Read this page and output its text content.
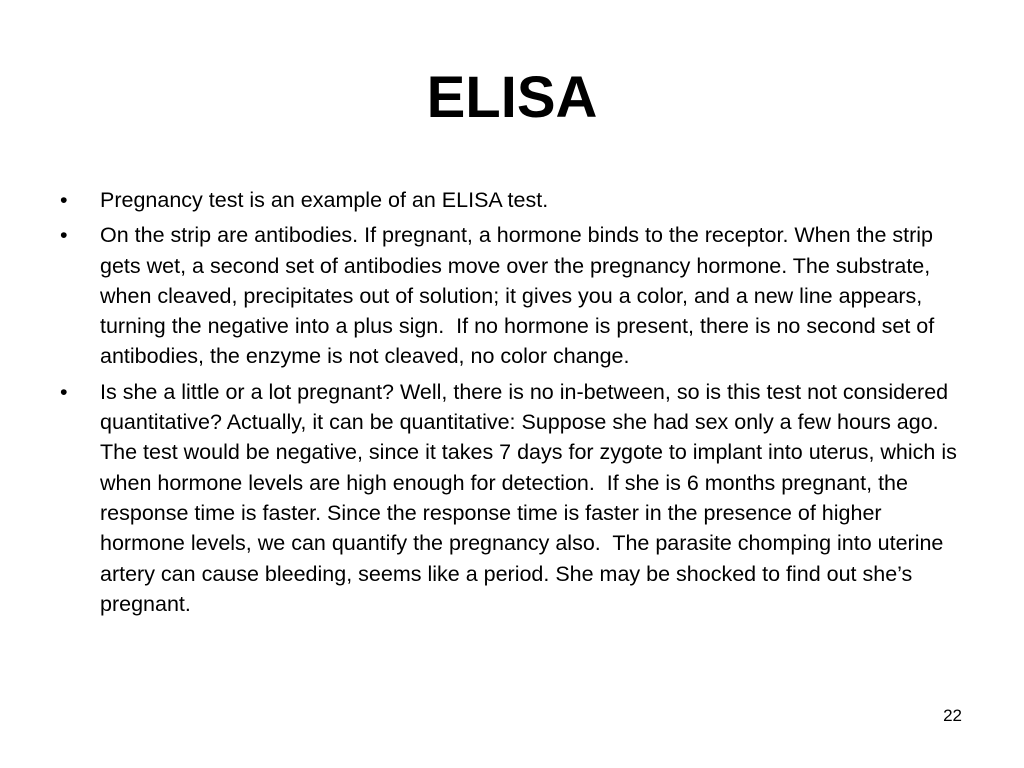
ELISA
•	Pregnancy test is an example of an ELISA test.
•	On the strip are antibodies. If pregnant, a hormone binds to the receptor. When the strip gets wet, a second set of antibodies move over the pregnancy hormone. The substrate, when cleaved, precipitates out of solution; it gives you a color, and a new line appears, turning the negative into a plus sign.  If no hormone is present, there is no second set of antibodies, the enzyme is not cleaved, no color change.
•	Is she a little or a lot pregnant? Well, there is no in-between, so is this test not considered quantitative? Actually, it can be quantitative: Suppose she had sex only a few hours ago. The test would be negative, since it takes 7 days for zygote to implant into uterus, which is when hormone levels are high enough for detection.  If she is 6 months pregnant, the response time is faster. Since the response time is faster in the presence of higher hormone levels, we can quantify the pregnancy also.  The parasite chomping into uterine artery can cause bleeding, seems like a period. She may be shocked to find out she’s pregnant.
22
